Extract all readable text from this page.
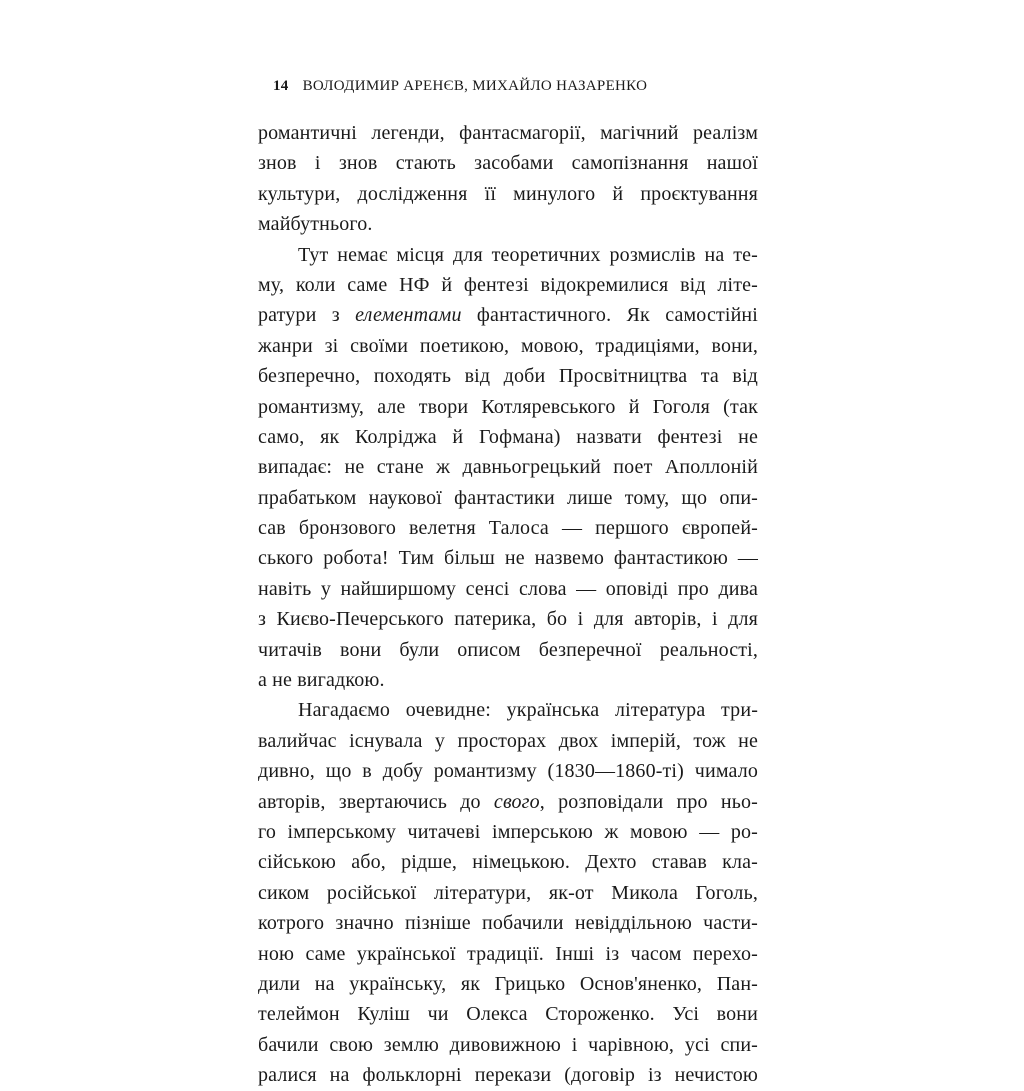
14 ВОЛОДИМИР АРЕНЄВ, МИХАЙЛО НАЗАРЕНКО
романтичні легенди, фантасмагорії, магічний реалізм
знов і знов стають засобами самопізнання нашої
культури, дослідження її минулого й проєктування
майбутнього.
Тут немає місця для теоретичних розмислів на те-
му, коли саме НФ й фентезі відокремилися від літе-
ратури з елементами фантастичного. Як самостійні
жанри зі своїми поетикою, мовою, традиціями, вони,
безперечно, походять від доби Просвітництва та від
романтизму, але твори Котляревського й Гоголя (так
само, як Колріджа й Гофмана) назвати фентезі не
випадає: не стане ж давньогрецький поет Аполлоній
прабатьком наукової фантастики лише тому, що опи-
сав бронзового велетня Талоса — першого європей-
ського робота! Тим більш не назвемо фантастикою —
навіть у найширшому сенсі слова — оповіді про дива
з Києво-Печерського патерика, бо і для авторів, і для
читачів вони були описом безперечної реальності,
а не вигадкою.
Нагадаємо очевидне: українська література три-
валийчас існувала у просторах двох імперій, тож не
дивно, що в добу романтизму (1830—1860-ті) чимало
авторів, звертаючись до свого, розповідали про ньо-
го імперському читачеві імперською ж мовою — ро-
сійською або, рідше, німецькою. Дехто ставав кла-
сиком російської літератури, як-от Микола Гоголь,
котрого значно пізніше побачили невіддільною части-
ною саме української традиції. Інші із часом перехо-
дили на українську, як Грицько Основ'яненко, Пан-
телеймон Куліш чи Олекса Стороженко. Усі вони
бачили свою землю дивовижною і чарівною, усі спи-
ралися на фольклорні перекази (договір із нечистою
